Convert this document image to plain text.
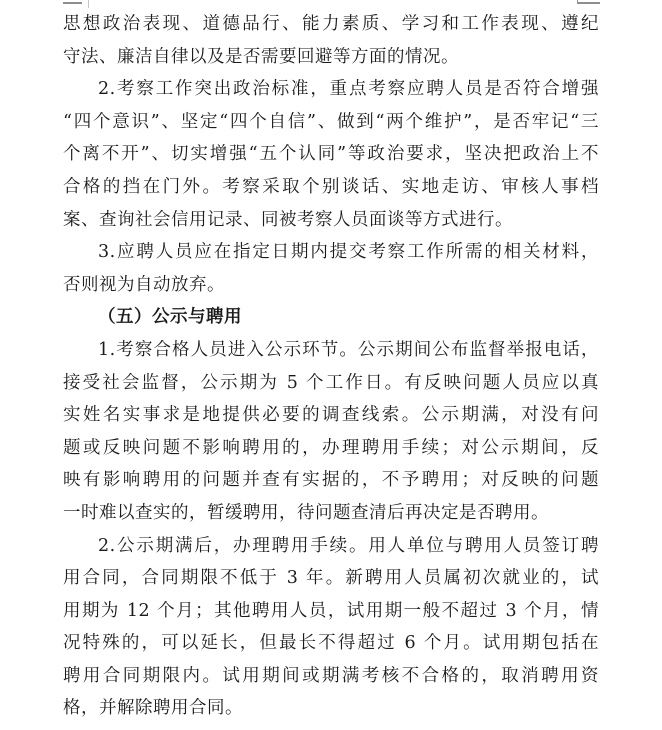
思想政治表现、道德品行、能力素质、学习和工作表现、遵纪
守法、廉洁自律以及是否需要回避等方面的情况。
2.考察工作突出政治标准，重点考察应聘人员是否符合增强
“四个意识”、坚定“四个自信”、做到“两个维护”，是否牢记“三
个离不开”、切实增强“五个认同”等政治要求，坚决把政治上不
合格的挡在门外。考察采取个别谈话、实地走访、审核人事档
案、查询社会信用记录、同被考察人员面谈等方式进行。
3.应聘人员应在指定日期内提交考察工作所需的相关材料，
否则视为自动放弃。
（五）公示与聘用
1.考察合格人员进入公示环节。公示期间公布监督举报电话，
接受社会监督，公示期为 5 个工作日。有反映问题人员应以真
实姓名实事求是地提供必要的调查线索。公示期满，对没有问
题或反映问题不影响聘用的，办理聘用手续；对公示期间，反
映有影响聘用的问题并查有实据的，不予聘用；对反映的问题
一时难以查实的，暂缓聘用，待问题查清后再决定是否聘用。
2.公示期满后，办理聘用手续。用人单位与聘用人员签订聘
用合同，合同期限不低于 3 年。新聘用人员属初次就业的，试
用期为 12 个月；其他聘用人员，试用期一般不超过 3 个月，情
况特殊的，可以延长，但最长不得超过 6 个月。试用期包括在
聘用合同期限内。试用期间或期满考核不合格的，取消聘用资
格，并解除聘用合同。
